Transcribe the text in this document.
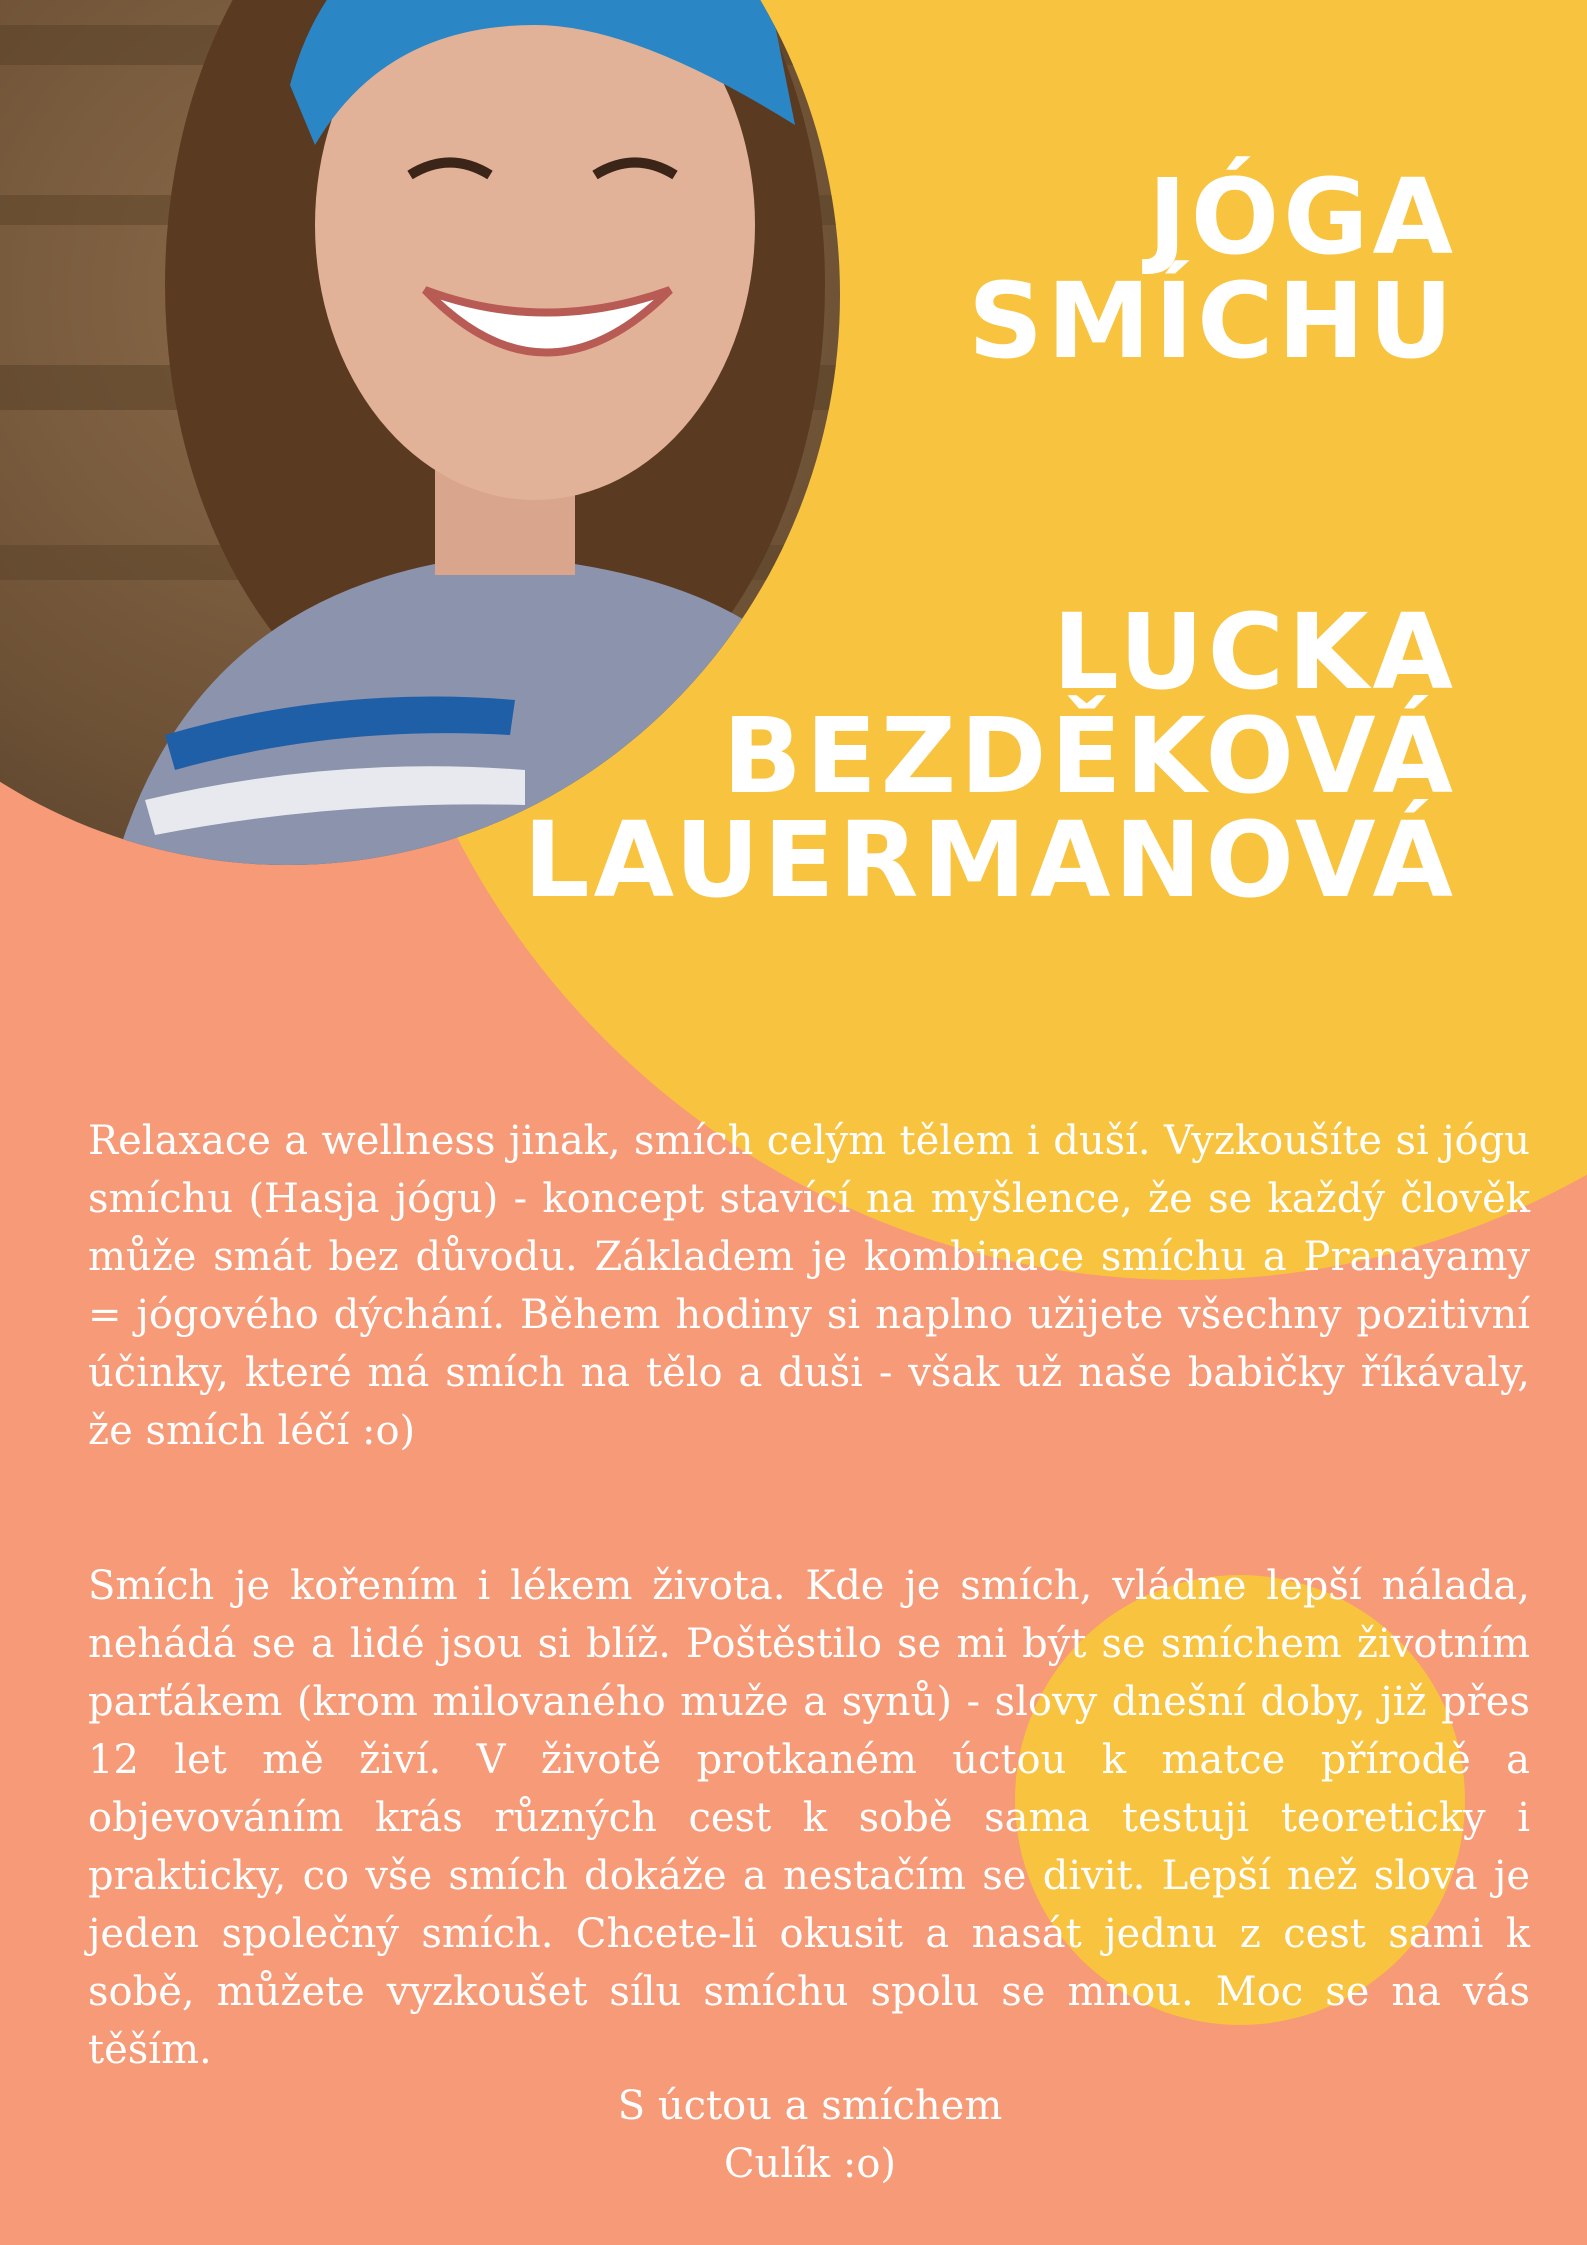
JÓGA
SMÍCHU
LUCKA
BEZDĚKOVÁ
LAUERMANOVÁ

Relaxace a wellness jinak, smích celým tělem i duší. Vyzkoušíte si jógu smíchu (Hasja jógu) - koncept stavící na myšlence, že se každý člověk může smát bez důvodu. Základem je kombinace smíchu a Pranayamy = jógového dýchání. Během hodiny si naplno užijete všechny pozitivní účinky, které má smích na tělo a duši - však už naše babičky říkávaly, že smích léčí :o)

Smích je kořením i lékem života. Kde je smích, vládne lepší nálada, nehádá se a lidé jsou si blíž. Poštěstilo se mi být se smíchem životním parťákem (krom milovaného muže a synů) - slovy dnešní doby, již přes 12 let mě živí. V životě protkaném úctou k matce přírodě a objevováním krás různých cest k sobě sama testuji teoreticky i prakticky, co vše smích dokáže a nestačím se divit. Lepší než slova je jeden společný smích. Chcete-li okusit a nasát jednu z cest sami k sobě, můžete vyzkoušet sílu smíchu spolu se mnou. Moc se na vás těším.

S úctou a smíchem

Culík :o)
